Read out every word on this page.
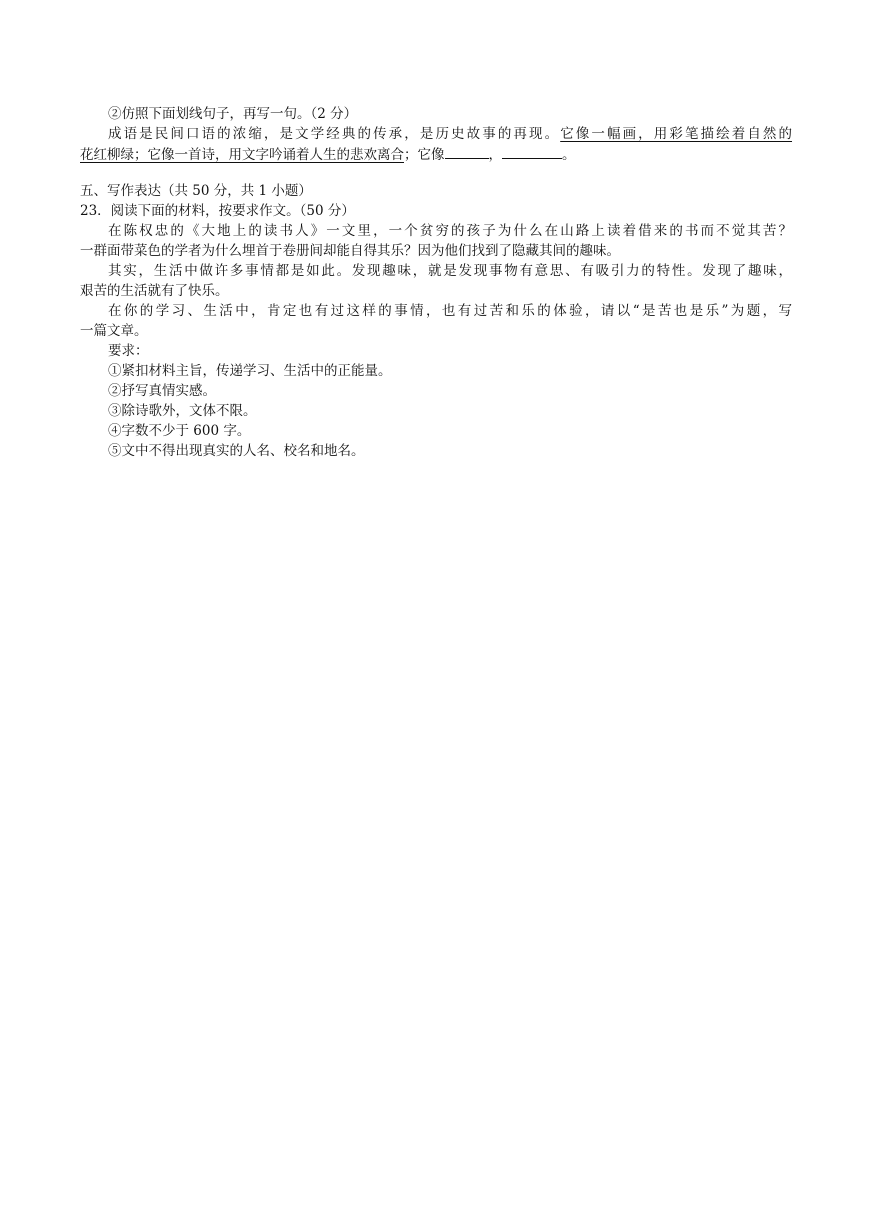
②仿照下面划线句子，再写一句。（2 分）
成语是民间口语的浓缩，是文学经典的传承，是历史故事的再现。它像一幅画，用彩笔描绘着自然的
花红柳绿；它像一首诗，用文字吟诵着人生的悲欢离合；它像	，	。
五、写作表达（共 50 分，共 1 小题）
23．阅读下面的材料，按要求作文。（50 分）
在陈权忠的《大地上的读书人》一文里，一个贫穷的孩子为什么在山路上读着借来的书而不觉其苦？
一群面带菜色的学者为什么埋首于卷册间却能自得其乐？因为他们找到了隐藏其间的趣味。
其实，生活中做许多事情都是如此。发现趣味，就是发现事物有意思、有吸引力的特性。发现了趣味，
艰苦的生活就有了快乐。
在你的学习、生活中，肯定也有过这样的事情，也有过苦和乐的体验，请以“是苦也是乐”为题，写
一篇文章。
要求：
①紧扣材料主旨，传递学习、生活中的正能量。
②抒写真情实感。
③除诗歌外，文体不限。
④字数不少于 600 字。
⑤文中不得出现真实的人名、校名和地名。
